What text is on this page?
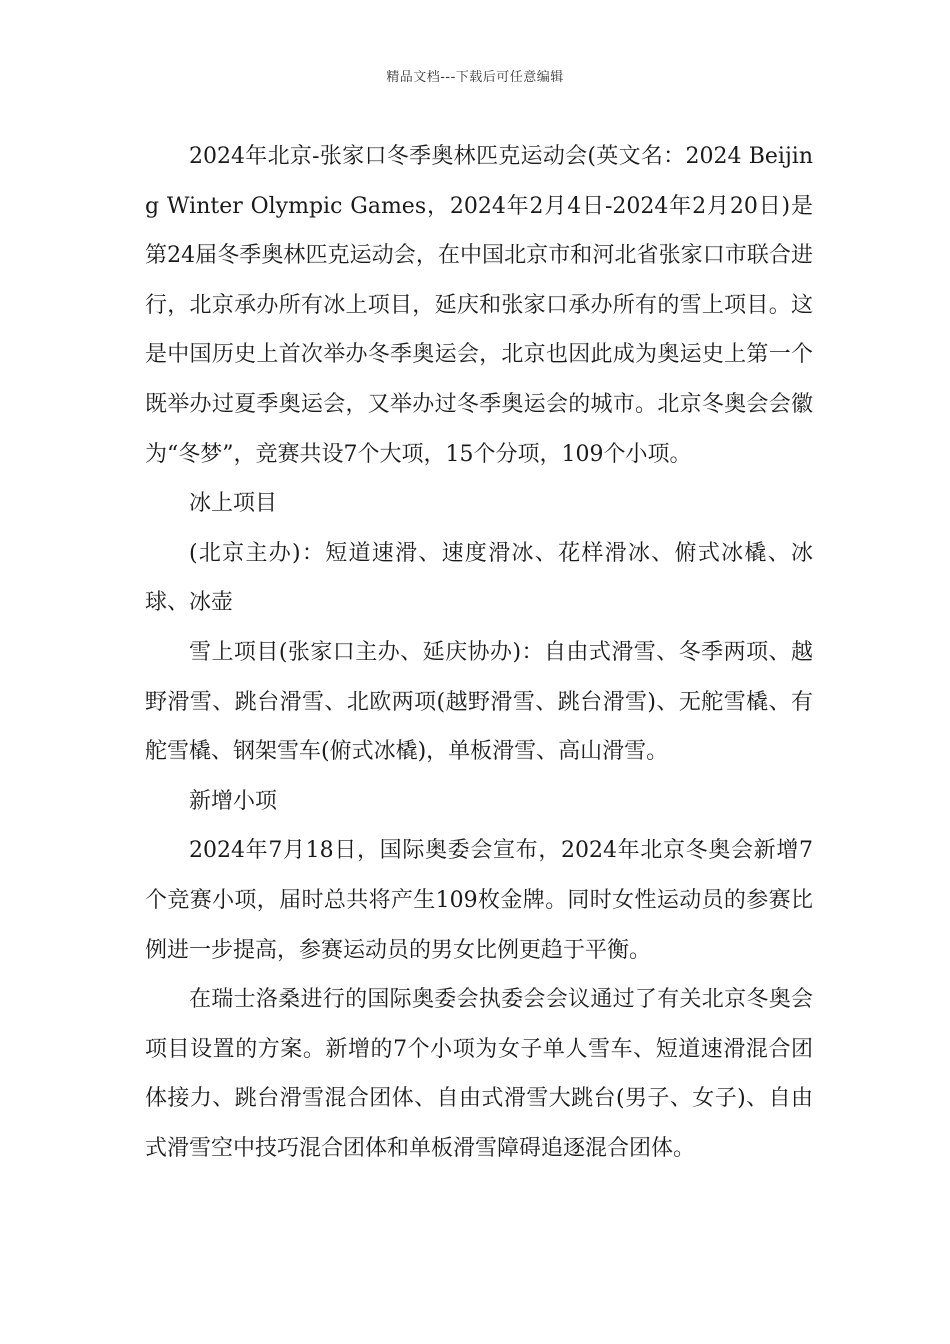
精品文档---下载后可任意编辑

2024年北京-张家口冬季奥林匹克运动会(英文名：2024 Beijing Winter Olympic Games，2024年2月4日-2024年2月20日)是第24届冬季奥林匹克运动会，在中国北京市和河北省张家口市联合进行，北京承办所有冰上项目，延庆和张家口承办所有的雪上项目。这是中国历史上首次举办冬季奥运会，北京也因此成为奥运史上第一个既举办过夏季奥运会，又举办过冬季奥运会的城市。北京冬奥会会徽为“冬梦”，竞赛共设7个大项，15个分项，109个小项。

冰上项目

(北京主办)：短道速滑、速度滑冰、花样滑冰、俯式冰橇、冰球、冰壶

雪上项目(张家口主办、延庆协办)：自由式滑雪、冬季两项、越野滑雪、跳台滑雪、北欧两项(越野滑雪、跳台滑雪)、无舵雪橇、有舵雪橇、钢架雪车(俯式冰橇)，单板滑雪、高山滑雪。

新增小项

2024年7月18日，国际奥委会宣布，2024年北京冬奥会新增7个竞赛小项，届时总共将产生109枚金牌。同时女性运动员的参赛比例进一步提高，参赛运动员的男女比例更趋于平衡。

在瑞士洛桑进行的国际奥委会执委会会议通过了有关北京冬奥会项目设置的方案。新增的7个小项为女子单人雪车、短道速滑混合团体接力、跳台滑雪混合团体、自由式滑雪大跳台(男子、女子)、自由式滑雪空中技巧混合团体和单板滑雪障碍追逐混合团体。
